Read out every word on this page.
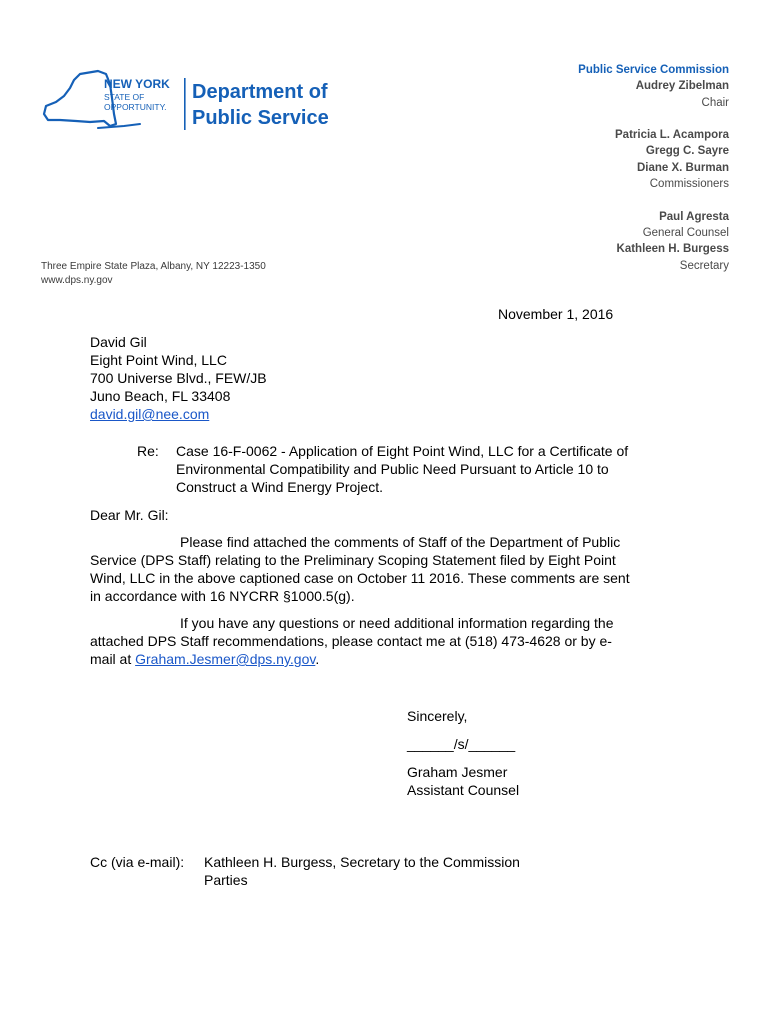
NEW YORK
STATE OF
OPPORTUNITY.
Department of
Public Service
Three Empire State Plaza, Albany, NY 12223-1350
www.dps.ny.gov
Public Service Commission
Audrey Zibelman
Chair
Patricia L. Acampora
Gregg C. Sayre
Diane X. Burman
Commissioners
Paul Agresta
General Counsel
Kathleen H. Burgess
Secretary
November 1, 2016
David Gil
Eight Point Wind, LLC
700 Universe Blvd., FEW/JB
Juno Beach, FL 33408
david.gil@nee.com
Re: Case 16-F-0062 - Application of Eight Point Wind, LLC for a Certificate of
Environmental Compatibility and Public Need Pursuant to Article 10 to
Construct a Wind Energy Project.
Dear Mr. Gil:
Please find attached the comments of Staff of the Department of Public
Service (DPS Staff) relating to the Preliminary Scoping Statement filed by Eight Point
Wind, LLC in the above captioned case on October 11 2016. These comments are sent
in accordance with 16 NYCRR §1000.5(g).
If you have any questions or need additional information regarding the
attached DPS Staff recommendations, please contact me at (518) 473-4628 or by e-
mail at Graham.Jesmer@dps.ny.gov.
Sincerely,
______/s/______
Graham Jesmer
Assistant Counsel
Cc (via e-mail): Kathleen H. Burgess, Secretary to the Commission
Parties
